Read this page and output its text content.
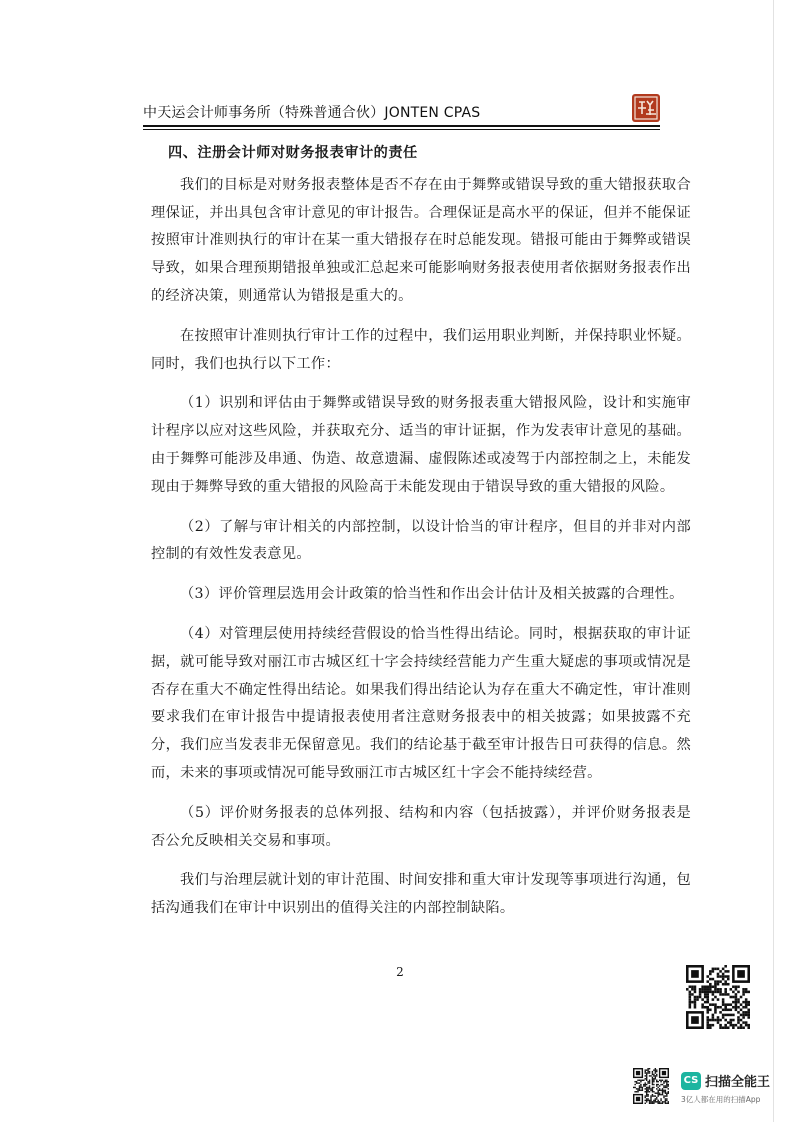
中天运会计师事务所（特殊普通合伙）JONTEN CPAS
四、注册会计师对财务报表审计的责任

我们的目标是对财务报表整体是否不存在由于舞弊或错误导致的重大错报获取合理保证，并出具包含审计意见的审计报告。合理保证是高水平的保证，但并不能保证按照审计准则执行的审计在某一重大错报存在时总能发现。错报可能由于舞弊或错误导致，如果合理预期错报单独或汇总起来可能影响财务报表使用者依据财务报表作出的经济决策，则通常认为错报是重大的。

在按照审计准则执行审计工作的过程中，我们运用职业判断，并保持职业怀疑。同时，我们也执行以下工作：

（1）识别和评估由于舞弊或错误导致的财务报表重大错报风险，设计和实施审计程序以应对这些风险，并获取充分、适当的审计证据，作为发表审计意见的基础。由于舞弊可能涉及串通、伪造、故意遗漏、虚假陈述或凌驾于内部控制之上，未能发现由于舞弊导致的重大错报的风险高于未能发现由于错误导致的重大错报的风险。

（2）了解与审计相关的内部控制，以设计恰当的审计程序，但目的并非对内部控制的有效性发表意见。

（3）评价管理层选用会计政策的恰当性和作出会计估计及相关披露的合理性。

（4）对管理层使用持续经营假设的恰当性得出结论。同时，根据获取的审计证据，就可能导致对丽江市古城区红十字会持续经营能力产生重大疑虑的事项或情况是否存在重大不确定性得出结论。如果我们得出结论认为存在重大不确定性，审计准则要求我们在审计报告中提请报表使用者注意财务报表中的相关披露；如果披露不充分，我们应当发表非无保留意见。我们的结论基于截至审计报告日可获得的信息。然而，未来的事项或情况可能导致丽江市古城区红十字会不能持续经营。

（5）评价财务报表的总体列报、结构和内容（包括披露），并评价财务报表是否公允反映相关交易和事项。

我们与治理层就计划的审计范围、时间安排和重大审计发现等事项进行沟通，包括沟通我们在审计中识别出的值得关注的内部控制缺陷。

2
CS 扫描全能王
3亿人都在用的扫描App
